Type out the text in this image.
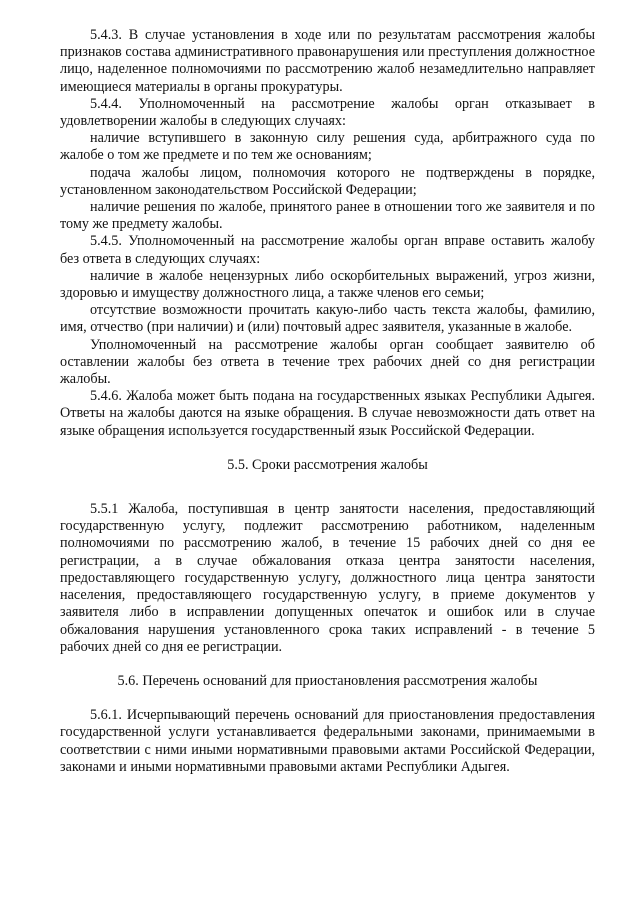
5.4.3. В случае установления в ходе или по результатам рассмотрения жалобы признаков состава административного правонарушения или преступления должностное лицо, наделенное полномочиями по рассмотрению жалоб незамедлительно направляет имеющиеся материалы в органы прокуратуры.

5.4.4. Уполномоченный на рассмотрение жалобы орган отказывает в удовлетворении жалобы в следующих случаях:

наличие вступившего в законную силу решения суда, арбитражного суда по жалобе о том же предмете и по тем же основаниям;

подача жалобы лицом, полномочия которого не подтверждены в порядке, установленном законодательством Российской Федерации;

наличие решения по жалобе, принятого ранее в отношении того же заявителя и по тому же предмету жалобы.

5.4.5. Уполномоченный на рассмотрение жалобы орган вправе оставить жалобу без ответа в следующих случаях:

наличие в жалобе нецензурных либо оскорбительных выражений, угроз жизни, здоровью и имуществу должностного лица, а также членов его семьи;

отсутствие возможности прочитать какую-либо часть текста жалобы, фамилию, имя, отчество (при наличии) и (или) почтовый адрес заявителя, указанные в жалобе.

Уполномоченный на рассмотрение жалобы орган сообщает заявителю об оставлении жалобы без ответа в течение трех рабочих дней со дня регистрации жалобы.

5.4.6. Жалоба может быть подана на государственных языках Республики Адыгея. Ответы на жалобы даются на языке обращения. В случае невозможности дать ответ на языке обращения используется государственный язык Российской Федерации.

5.5. Сроки рассмотрения жалобы

5.5.1 Жалоба, поступившая в центр занятости населения, предоставляющий государственную услугу, подлежит рассмотрению работником, наделенным полномочиями по рассмотрению жалоб, в течение 15 рабочих дней со дня ее регистрации, а в случае обжалования отказа центра занятости населения, предоставляющего государственную услугу, должностного лица центра занятости населения, предоставляющего государственную услугу, в приеме документов у заявителя либо в исправлении допущенных опечаток и ошибок или в случае обжалования нарушения установленного срока таких исправлений - в течение 5 рабочих дней со дня ее регистрации.

5.6. Перечень оснований для приостановления рассмотрения жалобы

5.6.1. Исчерпывающий перечень оснований для приостановления предоставления государственной услуги устанавливается федеральными законами, принимаемыми в соответствии с ними иными нормативными правовыми актами Российской Федерации, законами и иными нормативными правовыми актами Республики Адыгея.
